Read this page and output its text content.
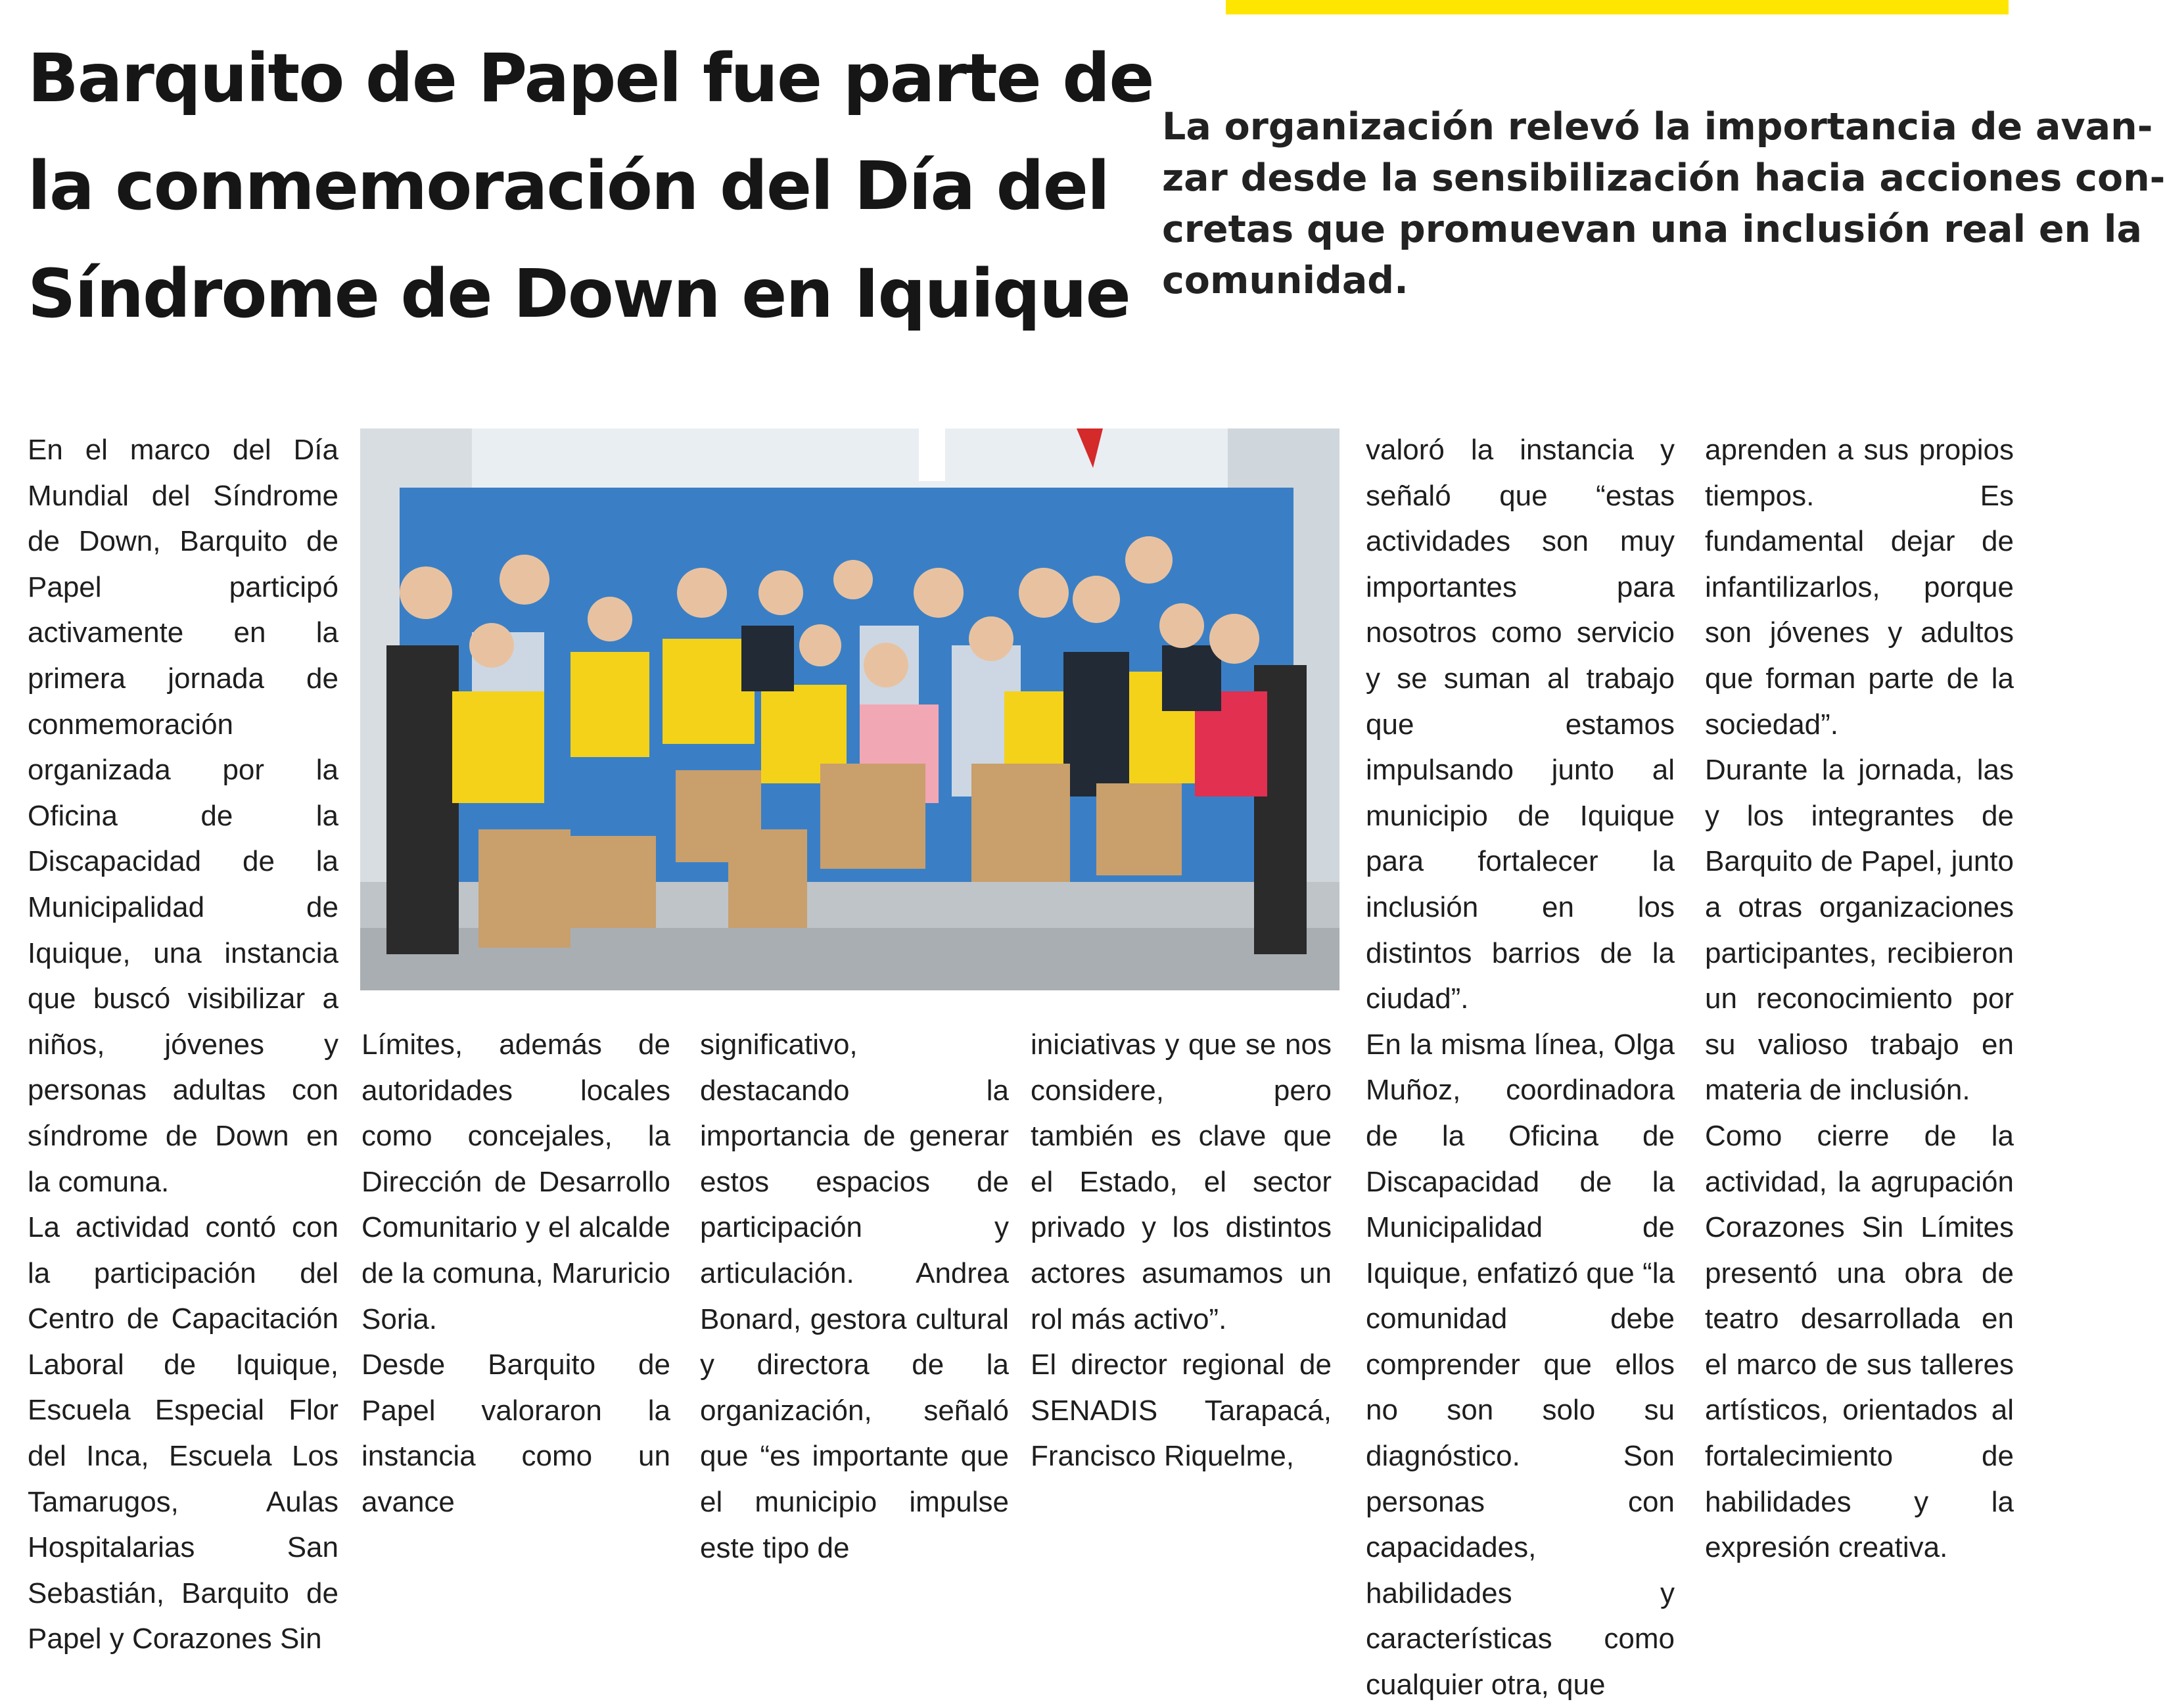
Barquito de Papel fue parte de
la conmemoración del Día del
Síndrome de Down en Iquique
La organización relevó la importancia de avan-
zar desde la sensibilización hacia acciones con-
cretas que promuevan una inclusión real en la
comunidad.

En el marco del Día Mundial del Síndrome de Down, Barquito de Papel participó activamente en la primera jornada de conmemoración organizada por la Oficina de la Discapacidad de la Municipalidad de Iquique, una instancia que buscó visibilizar a niños, jóvenes y personas adultas con síndrome de Down en la comuna.

La actividad contó con la participación del Centro de Capacitación Laboral de Iquique, Escuela Especial Flor del Inca, Escuela Los Tamarugos, Aulas Hospitalarias San Sebastián, Barquito de Papel y Corazones Sin

Límites, además de autoridades locales como concejales, la Dirección de Desarrollo Comunitario y el alcalde de la comuna, Maruricio Soria.

Desde Barquito de Papel valoraron la instancia como un avance

significativo, destacando la importancia de generar estos espacios de participación y articulación. Andrea Bonard, gestora cultural y directora de la organización, señaló que “es importante que el municipio impulse este tipo de

iniciativas y que se nos considere, pero también es clave que el Estado, el sector privado y los distintos actores asumamos un rol más activo”.

El director regional de SENADIS Tarapacá, Francisco Riquelme,

valoró la instancia y señaló que “estas actividades son muy importantes para nosotros como servicio y se suman al trabajo que estamos impulsando junto al municipio de Iquique para fortalecer la inclusión en los distintos barrios de la ciudad”.

En la misma línea, Olga Muñoz, coordinadora de la Oficina de Discapacidad de la Municipalidad de Iquique, enfatizó que “la comunidad debe comprender que ellos no son solo su diagnóstico. Son personas con capacidades, habilidades y características como cualquier otra, que

aprenden a sus propios tiempos. Es fundamental dejar de infantilizarlos, porque son jóvenes y adultos que forman parte de la sociedad”.

Durante la jornada, las y los integrantes de Barquito de Papel, junto a otras organizaciones participantes, recibieron un reconocimiento por su valioso trabajo en materia de inclusión.

Como cierre de la actividad, la agrupación Corazones Sin Límites presentó una obra de teatro desarrollada en el marco de sus talleres artísticos, orientados al fortalecimiento de habilidades y la expresión creativa.
